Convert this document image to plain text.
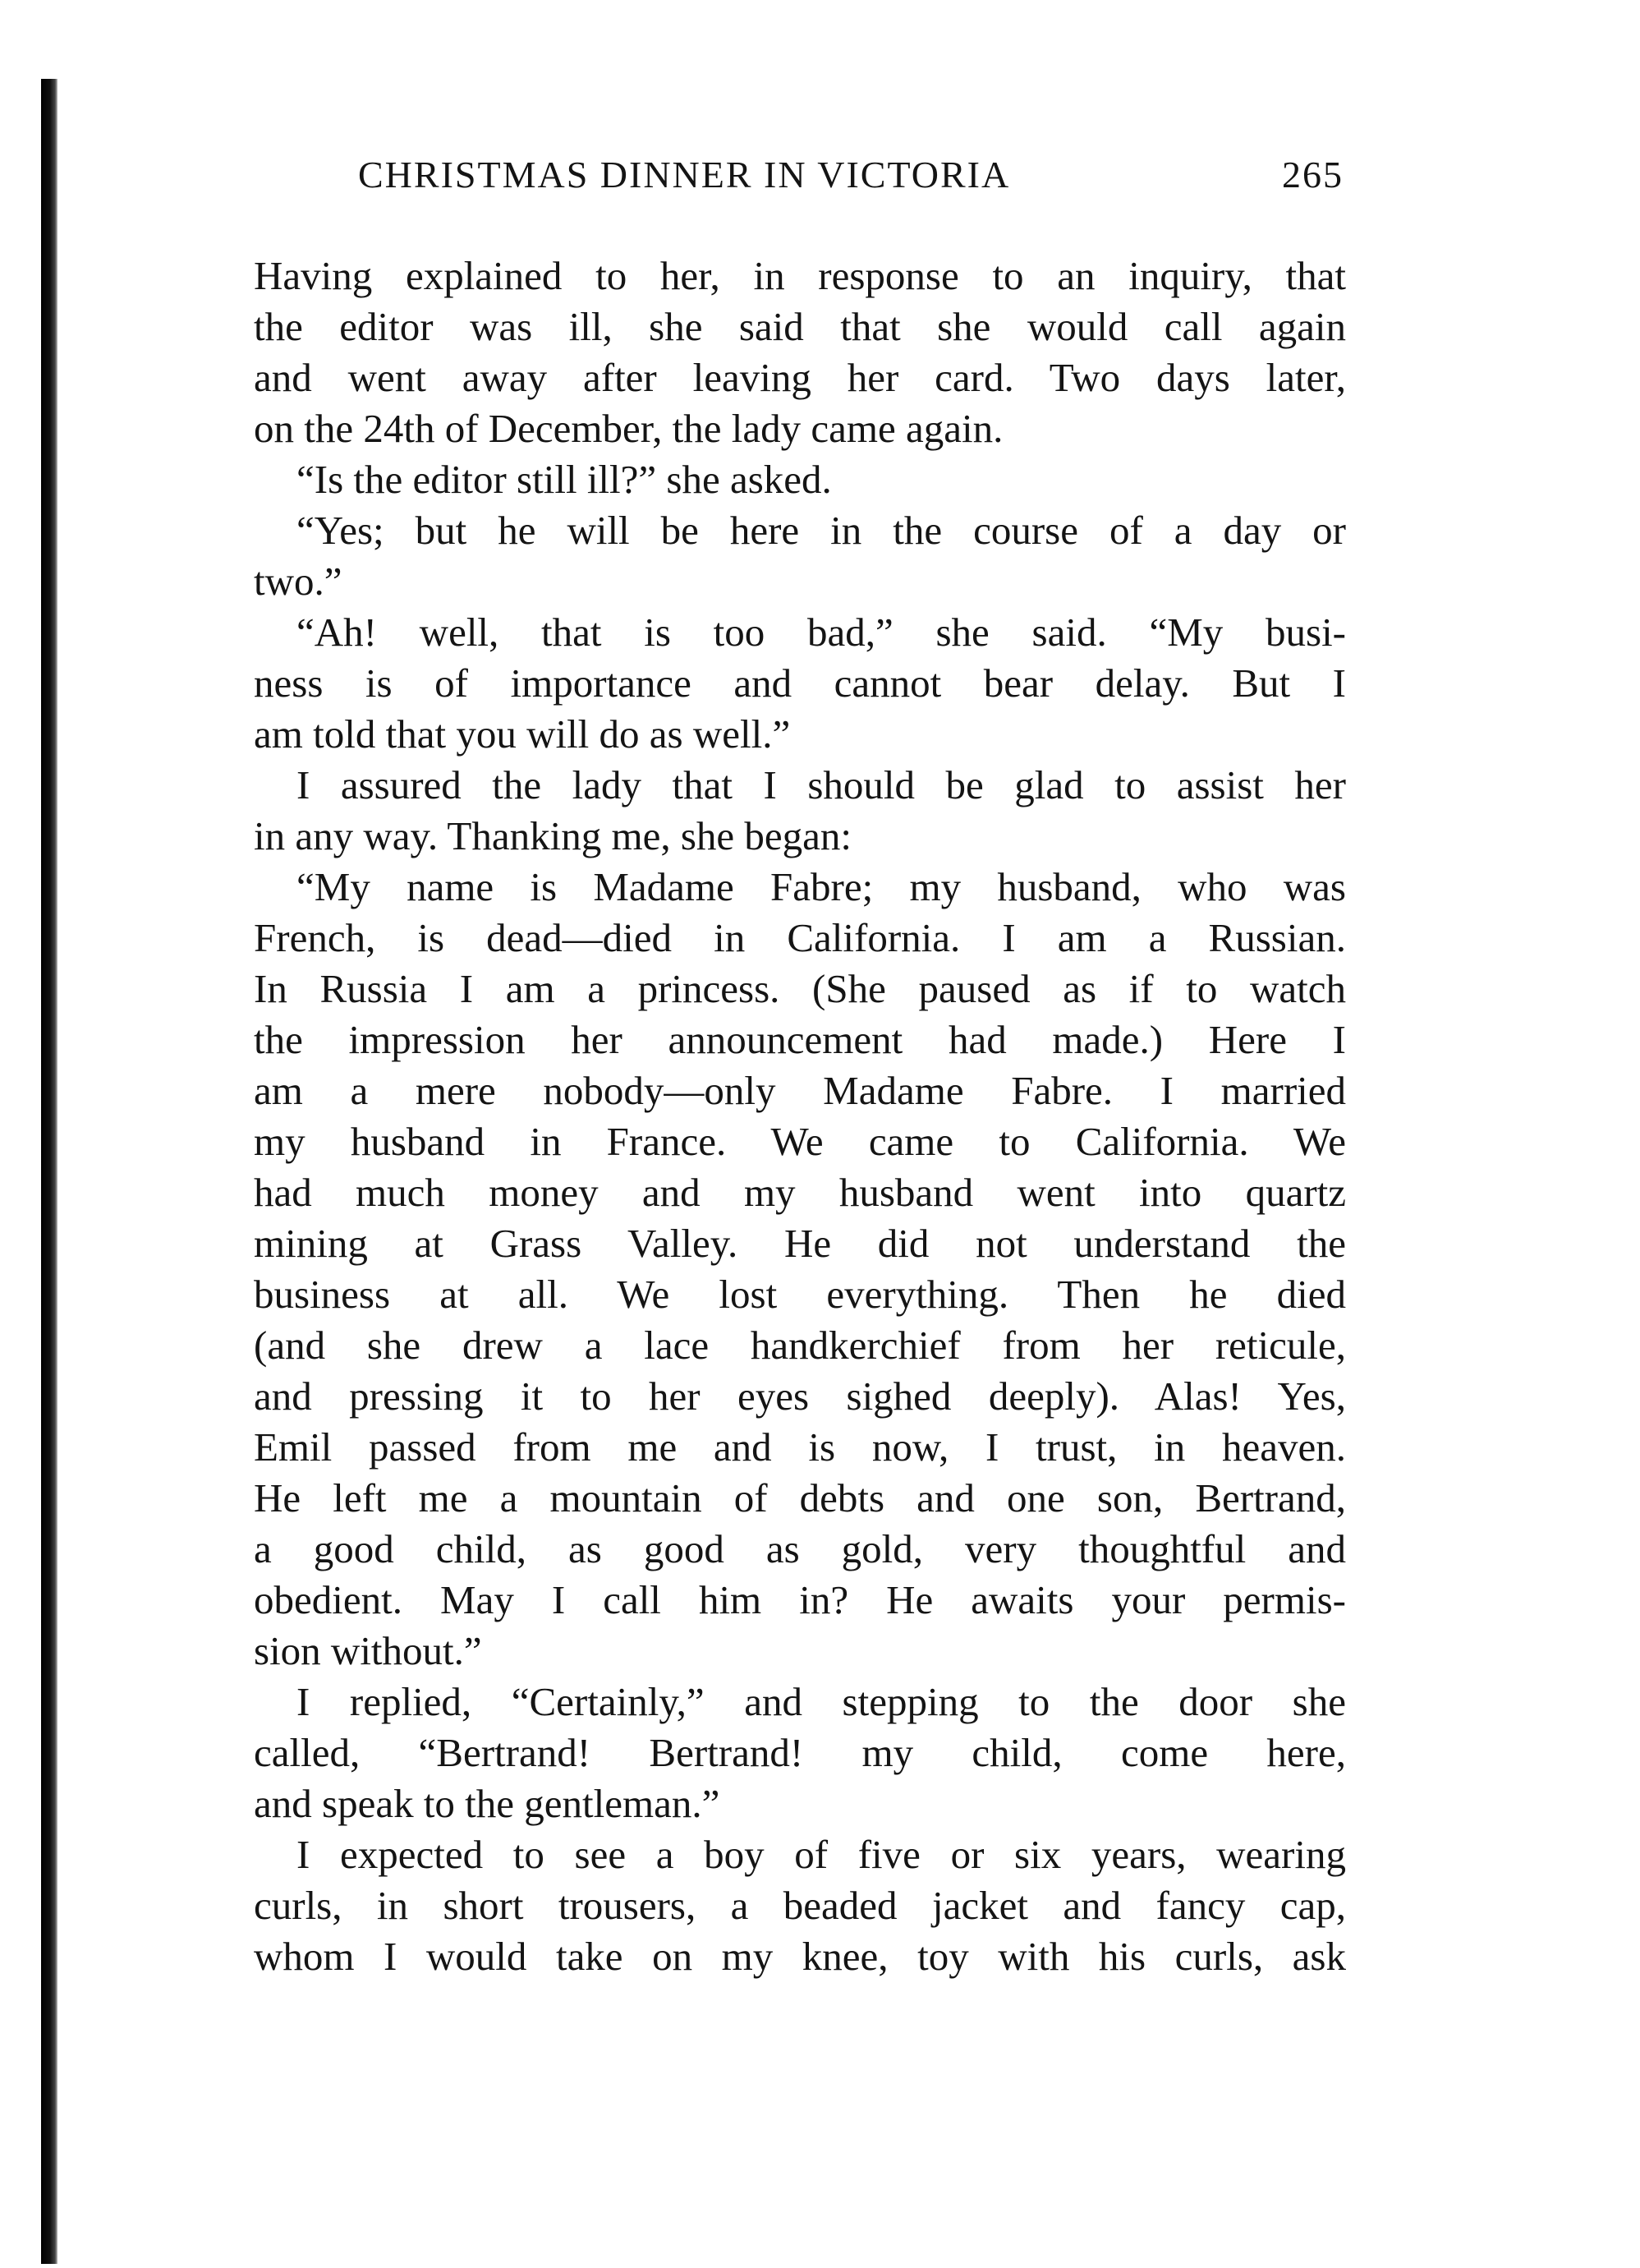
CHRISTMAS DINNER IN VICTORIA	265
Having explained to her, in response to an inquiry, that
the editor was ill, she said that she would call again
and went away after leaving her card. Two days later,
on the 24th of December, the lady came again.
“Is the editor still ill?” she asked.
“Yes; but he will be here in the course of a day or
two.”
“Ah! well, that is too bad,” she said. “My busi-
ness is of importance and cannot bear delay. But I
am told that you will do as well.”
I assured the lady that I should be glad to assist her
in any way. Thanking me, she began:
“My name is Madame Fabre; my husband, who was
French, is dead—died in California. I am a Russian.
In Russia I am a princess. (She paused as if to watch
the impression her announcement had made.) Here I
am a mere nobody—only Madame Fabre. I married
my husband in France. We came to California. We
had much money and my husband went into quartz
mining at Grass Valley. He did not understand the
business at all. We lost everything. Then he died
(and she drew a lace handkerchief from her reticule,
and pressing it to her eyes sighed deeply). Alas! Yes,
Emil passed from me and is now, I trust, in heaven.
He left me a mountain of debts and one son, Bertrand,
a good child, as good as gold, very thoughtful and
obedient. May I call him in? He awaits your permis-
sion without.”
I replied, “Certainly,” and stepping to the door she
called, “Bertrand! Bertrand! my child, come here,
and speak to the gentleman.”
I expected to see a boy of five or six years, wearing
curls, in short trousers, a beaded jacket and fancy cap,
whom I would take on my knee, toy with his curls, ask
